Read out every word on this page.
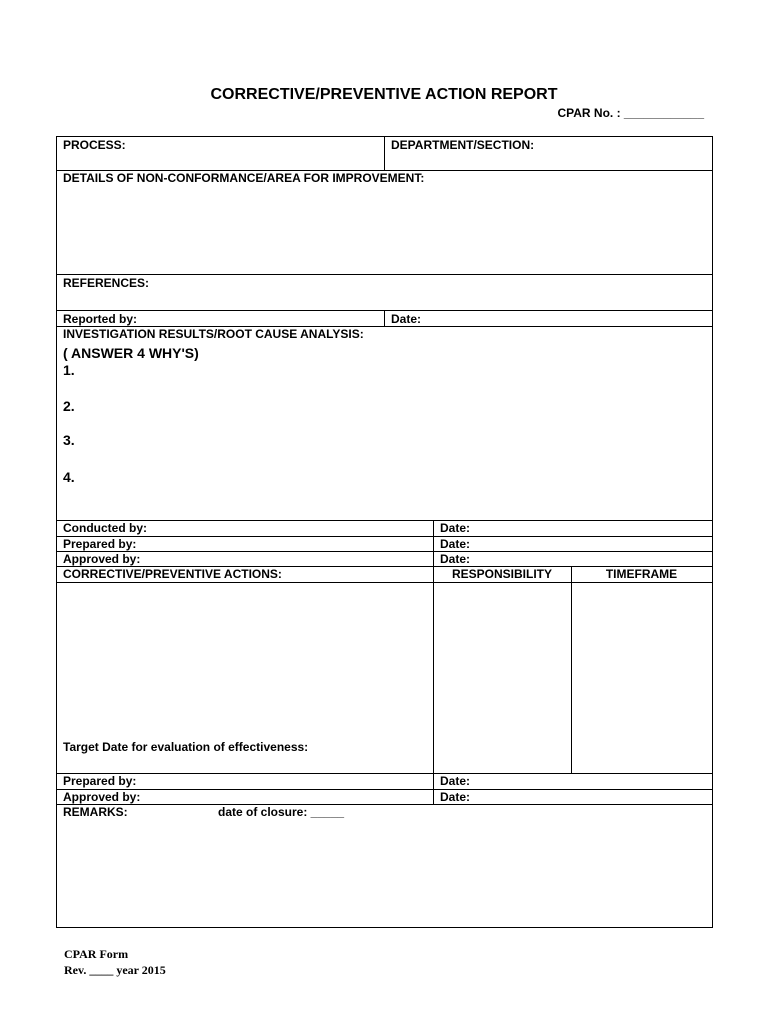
CORRECTIVE/PREVENTIVE ACTION REPORT
CPAR No. : ____________
PROCESS:	DEPARTMENT/SECTION:
DETAILS OF NON-CONFORMANCE/AREA FOR IMPROVEMENT:
REFERENCES:
Reported by:	Date:
INVESTIGATION RESULTS/ROOT CAUSE ANALYSIS:
( ANSWER 4 WHY'S)
1.
2.
3.
4.
Conducted by:	Date:
Prepared by:	Date:
Approved by:	Date:
CORRECTIVE/PREVENTIVE ACTIONS:	RESPONSIBILITY	TIMEFRAME
Target Date for evaluation of effectiveness:
Prepared by:	Date:
Approved by:	Date:
REMARKS:	date of closure: _____
CPAR Form
Rev. ____ year 2015
